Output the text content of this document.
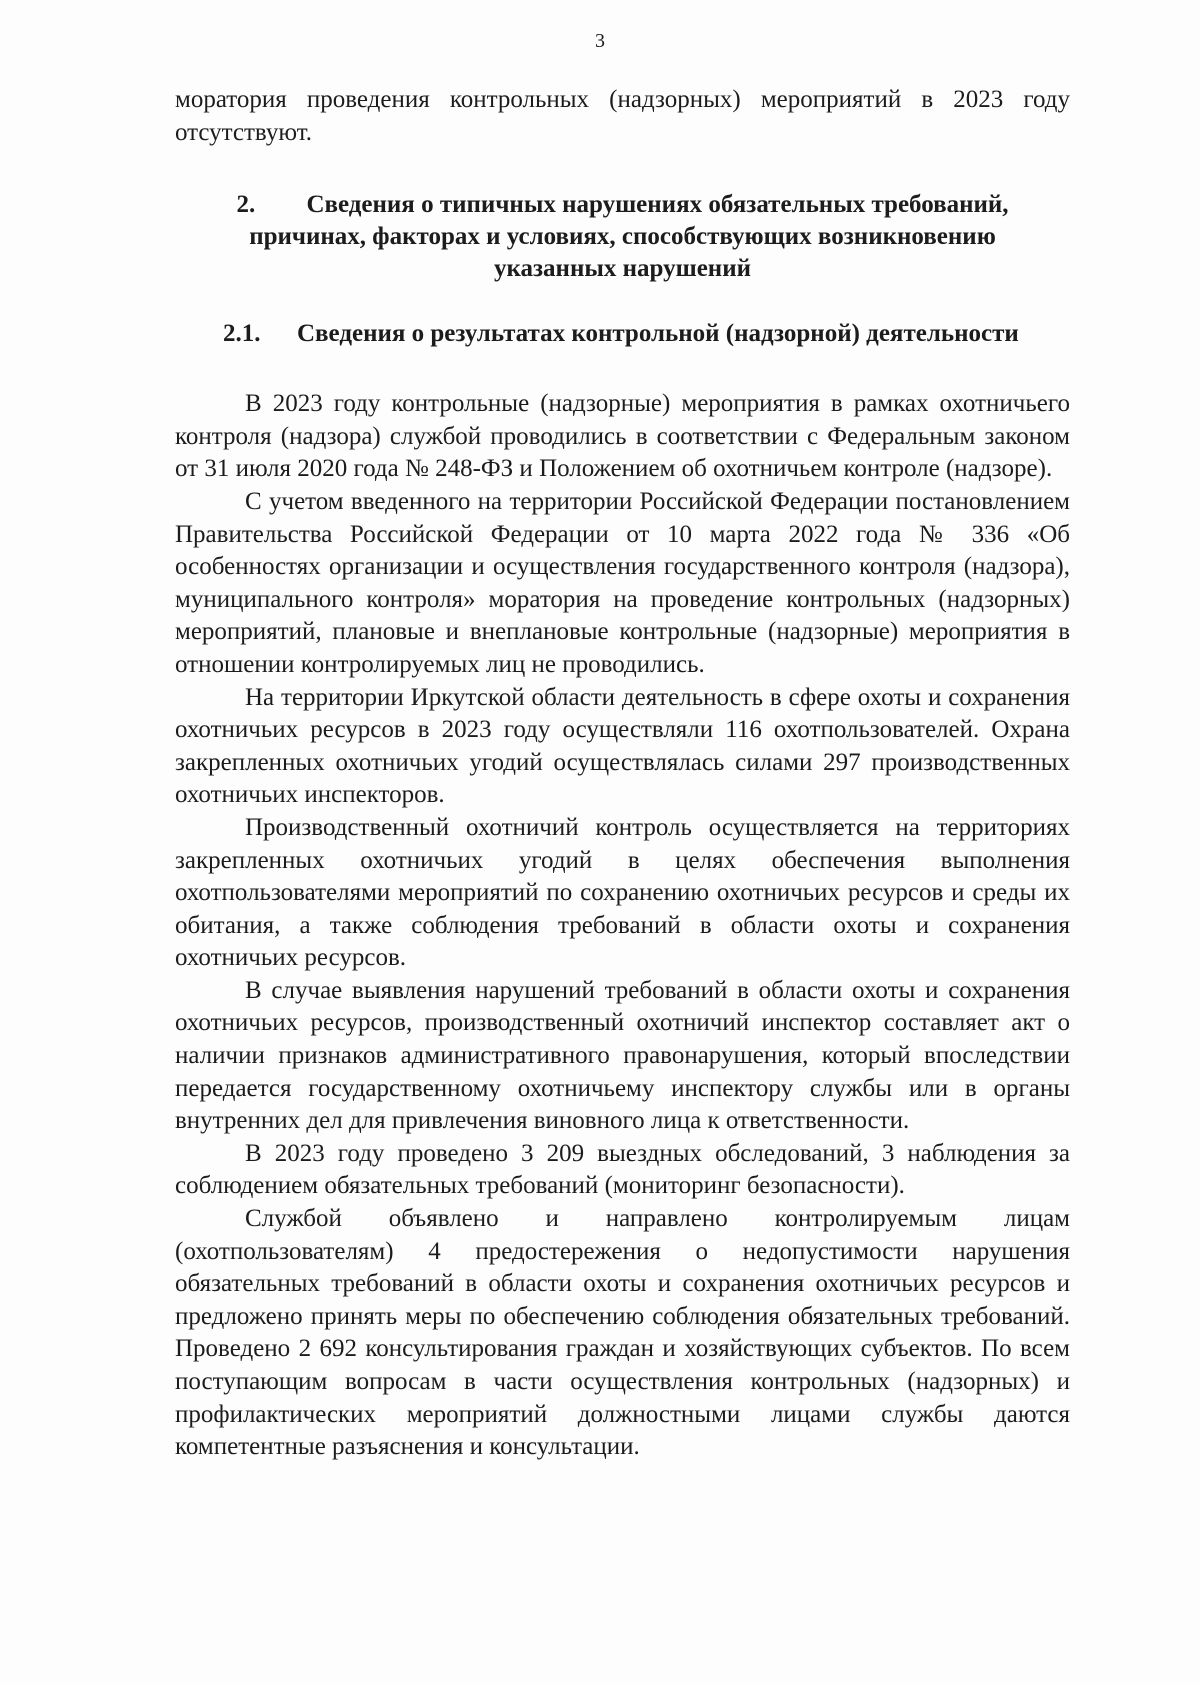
3

моратория проведения контрольных (надзорных) мероприятий в 2023 году отсутствуют.

2. Сведения о типичных нарушениях обязательных требований, причинах, факторах и условиях, способствующих возникновению указанных нарушений
2.1. Сведения о результатах контрольной (надзорной) деятельности

В 2023 году контрольные (надзорные) мероприятия в рамках охотничьего контроля (надзора) службой проводились в соответствии с Федеральным законом от 31 июля 2020 года № 248-ФЗ и Положением об охотничьем контроле (надзоре).

С учетом введенного на территории Российской Федерации постановлением Правительства Российской Федерации от 10 марта 2022 года № 336 «Об особенностях организации и осуществления государственного контроля (надзора), муниципального контроля» моратория на проведение контрольных (надзорных) мероприятий, плановые и внеплановые контрольные (надзорные) мероприятия в отношении контролируемых лиц не проводились.

На территории Иркутской области деятельность в сфере охоты и сохранения охотничьих ресурсов в 2023 году осуществляли 116 охотпользователей. Охрана закрепленных охотничьих угодий осуществлялась силами 297 производственных охотничьих инспекторов.

Производственный охотничий контроль осуществляется на территориях закрепленных охотничьих угодий в целях обеспечения выполнения охотпользователями мероприятий по сохранению охотничьих ресурсов и среды их обитания, а также соблюдения требований в области охоты и сохранения охотничьих ресурсов.

В случае выявления нарушений требований в области охоты и сохранения охотничьих ресурсов, производственный охотничий инспектор составляет акт о наличии признаков административного правонарушения, который впоследствии передается государственному охотничьему инспектору службы или в органы внутренних дел для привлечения виновного лица к ответственности.

В 2023 году проведено 3 209 выездных обследований, 3 наблюдения за соблюдением обязательных требований (мониторинг безопасности).

Службой объявлено и направлено контролируемым лицам (охотпользователям) 4 предостережения о недопустимости нарушения обязательных требований в области охоты и сохранения охотничьих ресурсов и предложено принять меры по обеспечению соблюдения обязательных требований. Проведено 2 692 консультирования граждан и хозяйствующих субъектов. По всем поступающим вопросам в части осуществления контрольных (надзорных) и профилактических мероприятий должностными лицами службы даются компетентные разъяснения и консультации.
